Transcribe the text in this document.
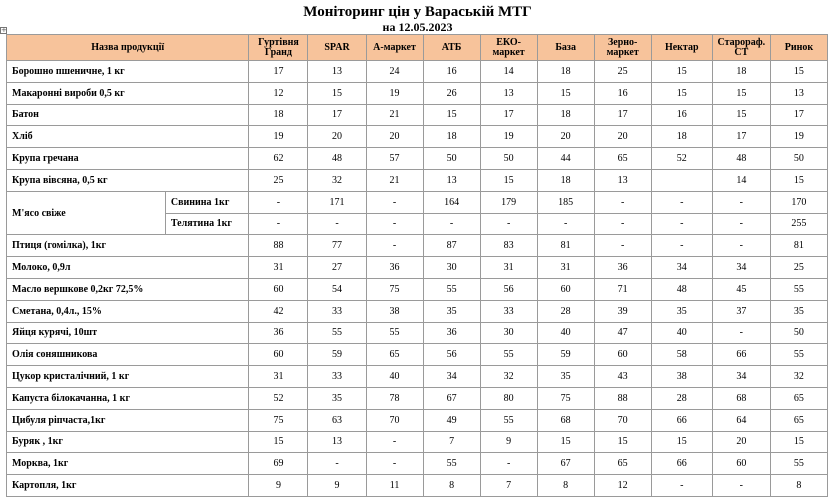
Моніторинг цін у Вараській МТГ
на 12.05.2023
+
Назва продукції		Гуртівня Гранд	SPAR	А-маркет	АТБ	ЕКО-маркет	База	Зерно-маркет	Нектар	Старораф. СТ	Ринок
Борошно пшеничне, 1 кг		17	13	24	16	14	18	25	15	18	15
Макаронні вироби 0,5 кг		12	15	19	26	13	15	16	15	15	13
Батон		18	17	21	15	17	18	17	16	15	17
Хліб		19	20	20	18	19	20	20	18	17	19
Крупа гречана		62	48	57	50	50	44	65	52	48	50
Крупа вівсяна, 0,5 кг		25	32	21	13	15	18	13		14	15
М'ясо свіже	Свинина 1кг	-	171	-	164	179	185	-	-	-	170
	Телятина 1кг	-	-	-	-	-	-	-	-	-	255
Птиця (гомілка), 1кг		88	77	-	87	83	81	-	-	-	81
Молоко, 0,9л		31	27	36	30	31	31	36	34	34	25
Масло вершкове 0,2кг 72,5%		60	54	75	55	56	60	71	48	45	55
Сметана, 0,4л., 15%		42	33	38	35	33	28	39	35	37	35
Яйця курячі, 10шт		36	55	55	36	30	40	47	40	-	50
Олія соняшникова		60	59	65	56	55	59	60	58	66	55
Цукор кристалічний, 1 кг		31	33	40	34	32	35	43	38	34	32
Капуста білокачанна, 1 кг		52	35	78	67	80	75	88	28	68	65
Цибуля ріпчаста,1кг		75	63	70	49	55	68	70	66	64	65
Буряк , 1кг		15	13	-	7	9	15	15	15	20	15
Морква, 1кг		69	-	-	55	-	67	65	66	60	55
Картопля, 1кг		9	9	11	8	7	8	12	-	-	8
